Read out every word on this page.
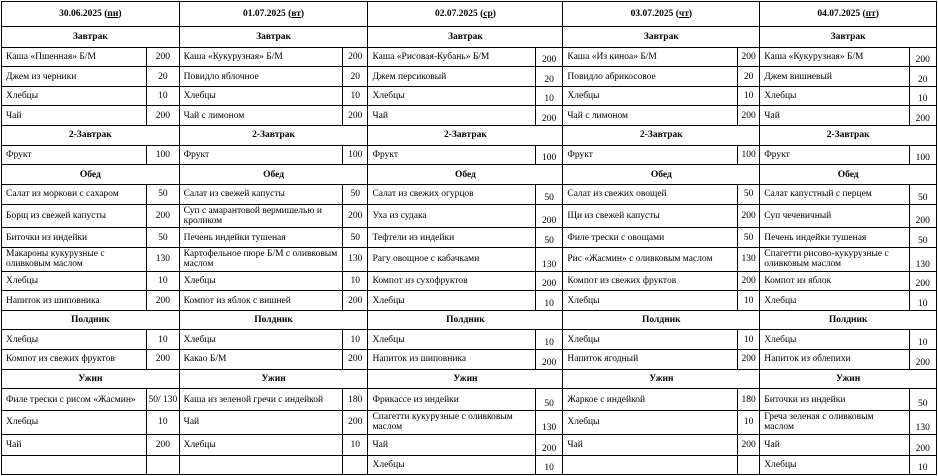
30.06.2025 (пн)		01.07.2025 (вт)		02.07.2025 (ср)		03.07.2025 (чт)		04.07.2025 (пт)	
Завтрак		Завтрак		Завтрак		Завтрак		Завтрак	
Каша «Пшенная» Б/М	200	Каша «Кукурузная» Б/М	200	Каша «Рисовая-Кубань» Б/М	200	Каша «Из киноа» Б/М	200	Каша «Кукурузная» Б/М	200
Джем из черники	20	Повидло яблочное	20	Джем персиковый	20	Повидло абрикосовое	20	Джем вишневый	20
Хлебцы	10	Хлебцы	10	Хлебцы	10	Хлебцы	10	Хлебцы	10
Чай	200	Чай с лимоном	200	Чай	200	Чай с лимоном	200	Чай	200
2-Завтрак		2-Завтрак		2-Завтрак		2-Завтрак		2-Завтрак	
Фрукт	100	Фрукт	100	Фрукт	100	Фрукт	100	Фрукт	100
Обед		Обед		Обед		Обед		Обед	
Салат из моркови с сахаром	50	Салат из свежей капусты	50	Салат из свежих огурцов	50	Салат из свежих овощей	50	Салат капустный с перцем	50
Борщ из свежей капусты	200	Суп с амарантовой вермишелью и кроликом	200	Уха из судака	200	Щи из свежей капусты	200	Суп чечевичный	200
Биточки из индейки	50	Печень индейки тушеная	50	Тефтели из индейки	50	Филе трески с овощами	50	Печень индейки тушеная	50
Макароны кукурузные с оливковым маслом	130	Картофельное пюре Б/М с оливковым маслом	130	Рагу овощное с кабачками	130	Рис «Жасмин» с оливковым маслом	130	Спагетти рисово-кукурузные с оливковым маслом	130
Хлебцы	10	Хлебцы	10	Компот из сухофруктов	200	Компот из свежих фруктов	200	Компот из яблок	200
Напиток из шиповника	200	Компот из яблок с вишней	200	Хлебцы	10	Хлебцы	10	Хлебцы	10
Полдник		Полдник		Полдник		Полдник		Полдник	
Хлебцы	10	Хлебцы	10	Хлебцы	10	Хлебцы	10	Хлебцы	10
Компот из свежих фруктов	200	Какао Б/М	200	Напиток из шиповника	200	Напиток ягодный	200	Напиток из облепихи	200
Ужин		Ужин		Ужин		Ужин		Ужин	
Филе трески с рисом «Жасмин»	50/ 130	Каша из зеленой гречи с индейкой	180	Фрикассе из индейки	50	Жаркое с индейкой	180	Биточки из индейки	50
Хлебцы	10	Чай	200	Спагетти кукурузные с оливковым маслом	130	Хлебцы	10	Греча зеленая с оливковым маслом	130
Чай	200	Хлебцы	10	Чай	200	Чай	200	Чай	200
				Хлебцы	10			Хлебцы	10
